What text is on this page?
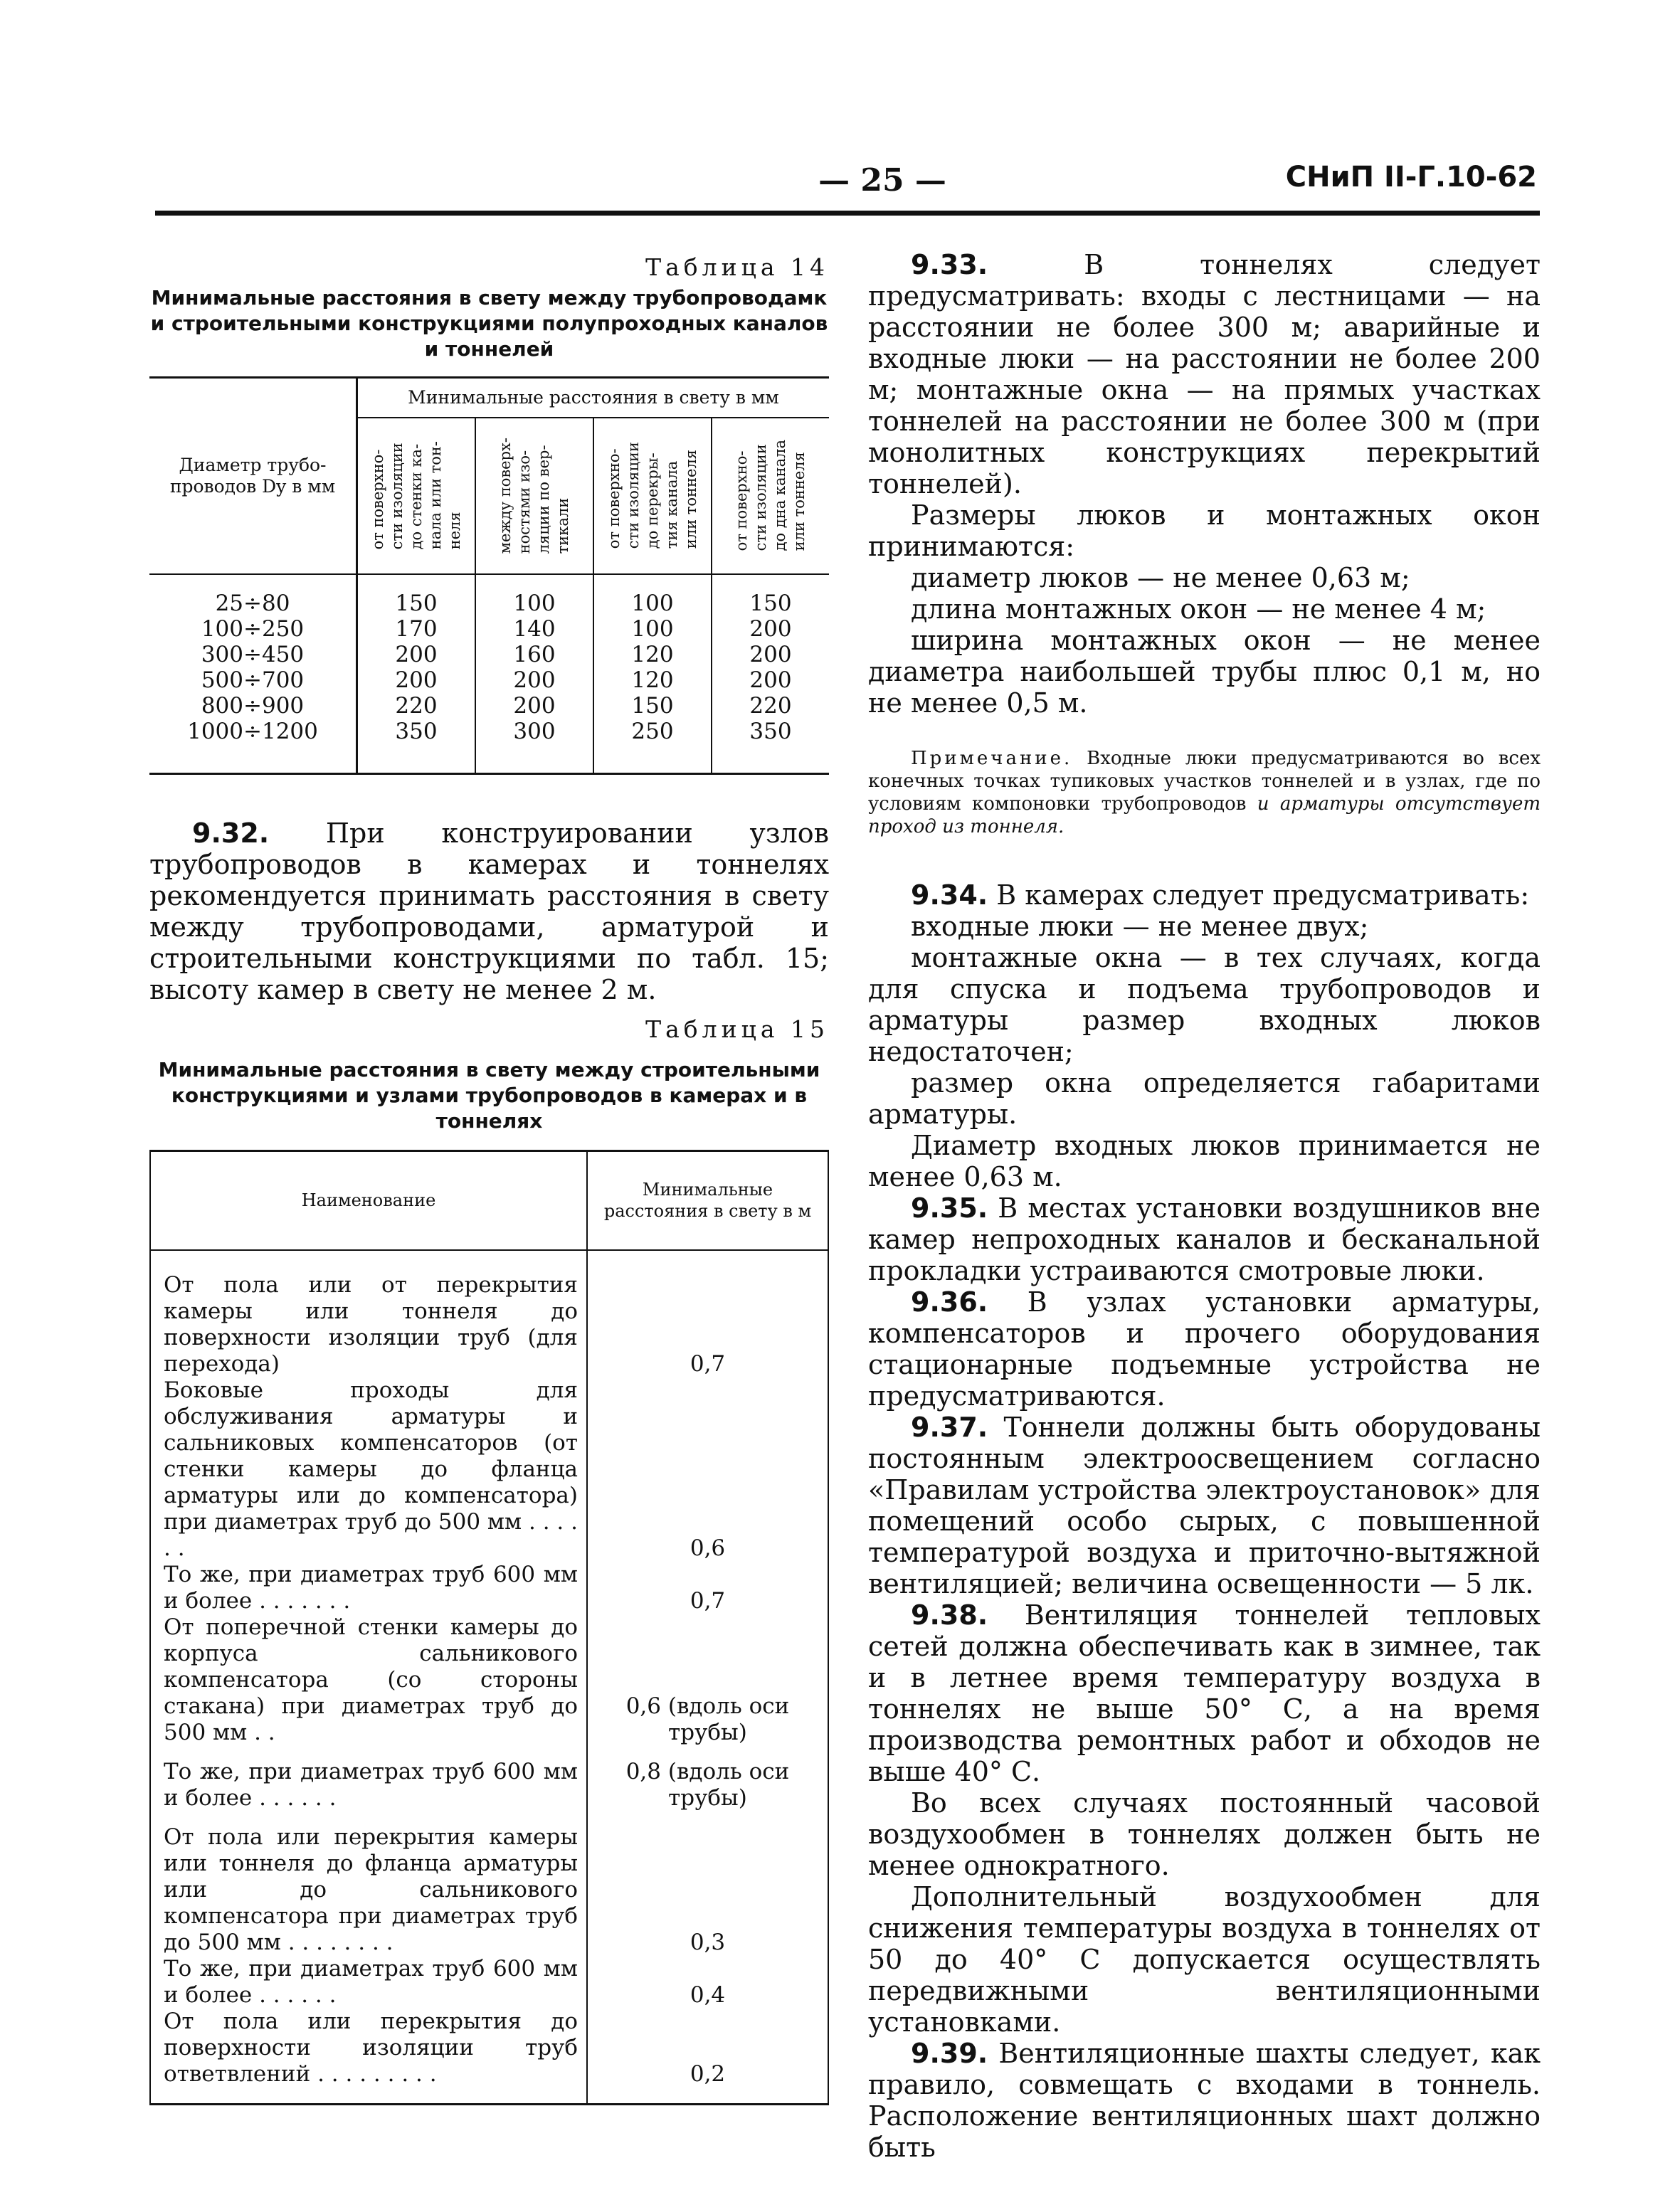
— 25 —	СНиП II-Г.10-62
Таблица 14
Минимальные расстояния в свету между трубопроводамк и строительными конструкциями полупроходных каналов и тоннелей
Диаметр трубо-проводов Dy в мм	Минимальные расстояния в свету в мм			

	от поверхно-
сти изоляции
до стенки ка-
нала или тон-
неля	между поверх-
ностями изо-
ляции по вер-
тикали	от поверхно-
сти изоляции
до перекры-
тия канала
или тоннеля	от поверхно-
сти изоляции
до дна канала
или тоннеля

25÷80	150	100	100	150
100÷250	170	140	100	200
300÷450	200	160	120	200
500÷700	200	200	120	200
800÷900	220	200	150	220
1000÷1200	350	300	250	350

9.32. При конструировании узлов трубопроводов в камерах и тоннелях рекомендуется принимать расстояния в свету между трубопроводами, арматурой и строительными конструкциями по табл. 15; высоту камер в свету не менее 2 м.

Таблица 15
Минимальные расстояния в свету между строительными конструкциями и узлами трубопроводов в камерах и в тоннелях
Наименование	Минимальные расстояния в свету в м
От пола или от перекрытия камеры или тоннеля до поверхности изоляции труб (для перехода)	0,7
Боковые проходы для обслуживания арматуры и сальниковых компенсаторов (от стенки камеры до фланца арматуры или до компенсатора) при диаметрах труб до 500 мм . . . . . .	0,6
То же, при диаметрах труб 600 мм и более . . . . . . .	0,7
От поперечной стенки камеры до корпуса сальникового компенсатора (со стороны стакана) при диаметрах труб до 500 мм . .	0,6 (вдоль оси трубы)
То же, при диаметрах труб 600 мм и более . . . . . .	0,8 (вдоль оси трубы)
От пола или перекрытия камеры или тоннеля до фланца арматуры или до сальникового компенсатора при диаметрах труб до 500 мм . . . . . . . .	0,3
То же, при диаметрах труб 600 мм и более . . . . . .	0,4
От пола или перекрытия до поверхности изоляции труб ответвлений . . . . . . . . .	0,2

9.33.	В тоннелях следует предусматривать: входы с лестницами — на расстоянии не более 300 м; аварийные и входные люки — на расстоянии не более 200 м; монтажные окна — на прямых участках тоннелей на расстоянии не более 300 м (при монолитных конструкциях перекрытий тоннелей).

Размеры люков и монтажных окон принимаются:

диаметр люков — не менее 0,63 м;
длина монтажных окон — не менее 4 м;
ширина монтажных окон — не менее диаметра наибольшей трубы плюс 0,1 м, но не менее 0,5 м.

Примечание. Входные люки предусматриваются во всех конечных точках тупиковых участков тоннелей и в узлах, где по условиям компоновки трубопроводов и арматуры отсутствует проход из тоннеля.

9.34. В камерах следует предусматривать:

входные люки — не менее двух;
монтажные окна — в тех случаях, когда для спуска и подъема трубопроводов и арматуры размер входных люков недостаточен;
размер окна определяется габаритами арматуры.
Диаметр входных люков принимается не менее 0,63 м.

9.35. В местах установки воздушников вне камер непроходных каналов и бесканальной прокладки устраиваются смотровые люки.

9.36. В узлах установки арматуры, компенсаторов и прочего оборудования стационарные подъемные устройства не предусматриваются.

9.37. Тоннели должны быть оборудованы постоянным электроосвещением согласно «Правилам устройства электроустановок» для помещений особо сырых, с повышенной температурой воздуха и приточно-вытяжной вентиляцией; величина освещенности — 5 лк.

9.38. Вентиляция тоннелей тепловых сетей должна обеспечивать как в зимнее, так и в летнее время температуру воздуха в тоннелях не выше 50° С, а на время производства ремонтных работ и обходов не выше 40° С.

Во всех случаях постоянный часовой воздухообмен в тоннелях должен быть не менее однократного.

Дополнительный воздухообмен для снижения температуры воздуха в тоннелях от 50 до 40° С допускается осуществлять передвижными вентиляционными установками.

9.39. Вентиляционные шахты следует, как правило, совмещать с входами в тоннель. Расположение вентиляционных шахт должно быть
